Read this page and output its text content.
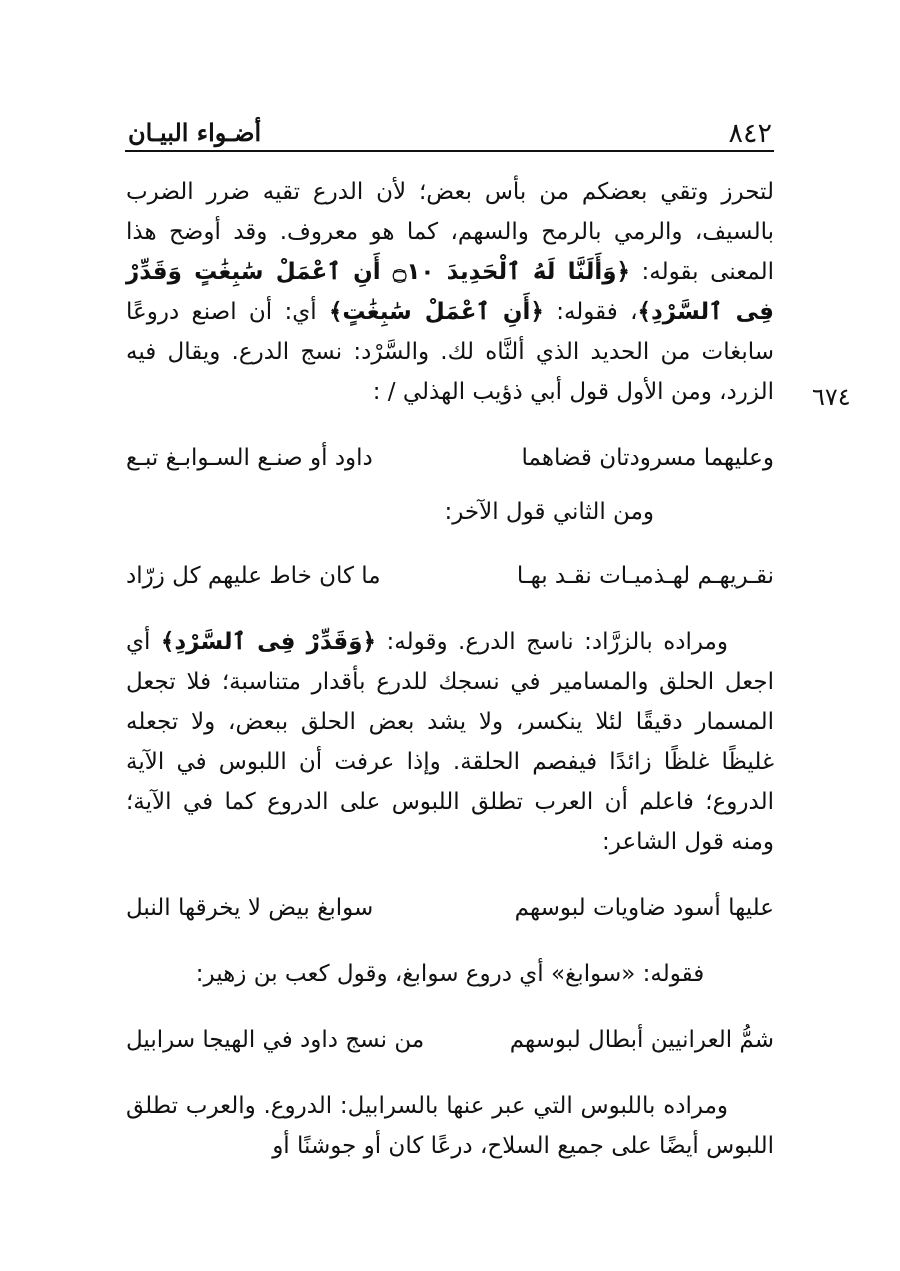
٨٤٢
أضـواء البيـان
٦٧٤

لتحرز وتقي بعضكم من بأس بعض؛ لأن الدرع تقيه ضرر الضرب بالسيف، والرمي بالرمح والسهم، كما هو معروف. وقد أوضح هذا المعنى بقوله: ﴿وَأَلَنَّا لَهُ ٱلْحَدِيدَ ۝١٠ أَنِ ٱعْمَلْ سَٰبِغَٰتٍ وَقَدِّرْ فِى ٱلسَّرْدِ﴾، فقوله: ﴿أَنِ ٱعْمَلْ سَٰبِغَٰتٍ﴾ أي: أن اصنع دروعًا سابغات من الحديد الذي ألنَّاه لك. والسَّرْد: نسج الدرع. ويقال فيه الزرد، ومن الأول قول أبي ذؤيب الهذلي / :

وعليهما مسرودتان قضاهما
داود أو صنـع السـوابـغ تبـع

ومن الثاني قول الآخر:

نقـريهـم لهـذميـات نقـد بهـا
ما كان خاط عليهم كل زرّاد

ومراده بالزرَّاد: ناسج الدرع. وقوله: ﴿وَقَدِّرْ فِى ٱلسَّرْدِ﴾ أي اجعل الحلق والمسامير في نسجك للدرع بأقدار متناسبة؛ فلا تجعل المسمار دقيقًا لئلا ينكسر، ولا يشد بعض الحلق ببعض، ولا تجعله غليظًا غلظًا زائدًا فيفصم الحلقة. وإذا عرفت أن اللبوس في الآية الدروع؛ فاعلم أن العرب تطلق اللبوس على الدروع كما في الآية؛ ومنه قول الشاعر:

عليها أسود ضاويات لبوسهم
سوابغ بيض لا يخرقها النبل

فقوله: «سوابغ» أي دروع سوابغ، وقول كعب بن زهير:

شمُّ العرانيين أبطال لبوسهم
من نسج داود في الهيجا سرابيل

ومراده باللبوس التي عبر عنها بالسرابيل: الدروع. والعرب تطلق اللبوس أيضًا على جميع السلاح، درعًا كان أو جوشنًا أو
